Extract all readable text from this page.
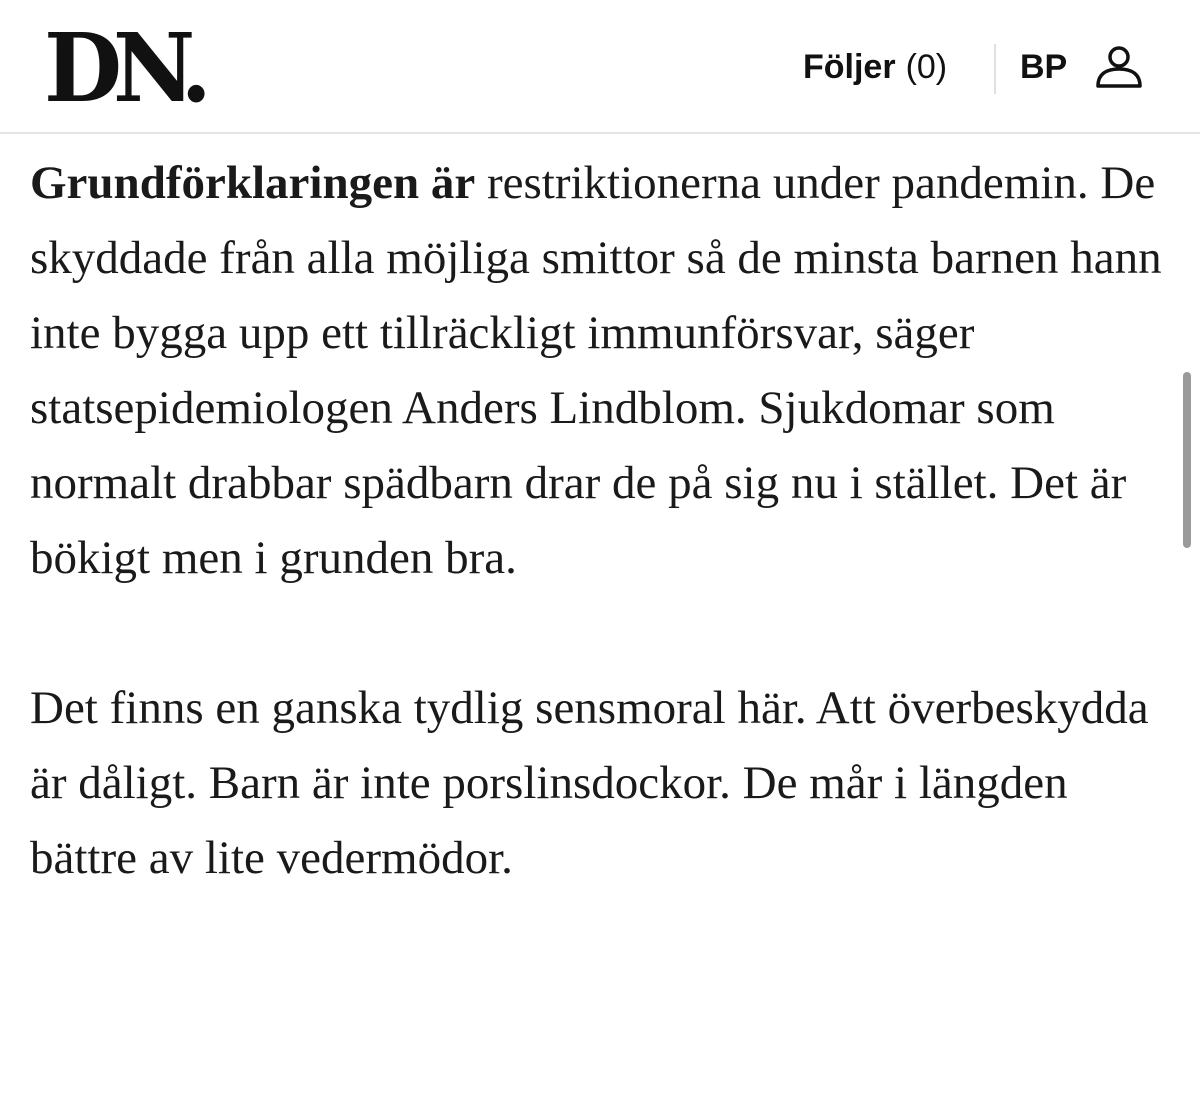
DN.	Följer (0) BP

Grundförklaringen är restriktionerna under pandemin. De skyddade från alla möjliga smittor så de minsta barnen hann inte bygga upp ett tillräckligt immunförsvar, säger statsepidemiologen Anders Lindblom. Sjukdomar som normalt drabbar spädbarn drar de på sig nu i stället. Det är bökigt men i grunden bra.

Det finns en ganska tydlig sensmoral här. Att överbeskydda är dåligt. Barn är inte porslinsdockor. De mår i längden bättre av lite vedermödor.
